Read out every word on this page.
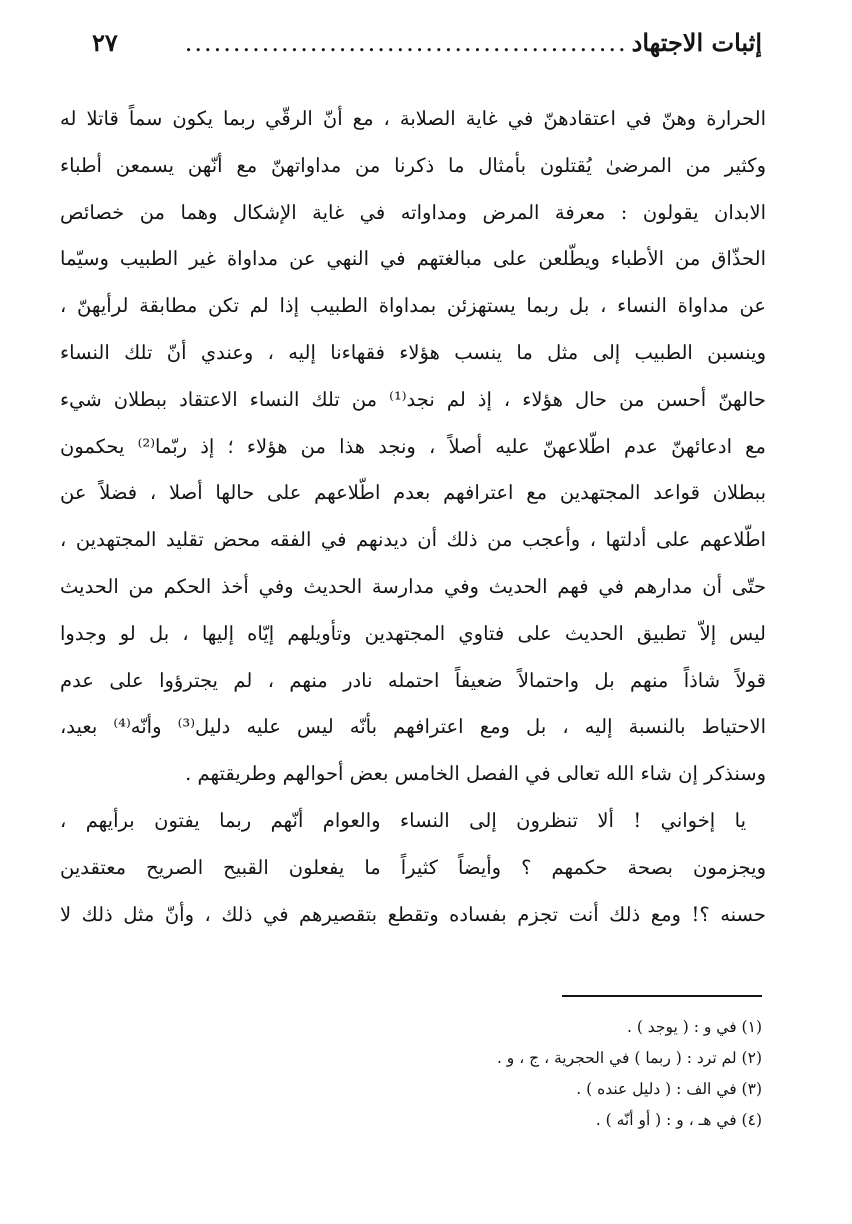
إثبات الاجتهاد
..............................................
٢٧
الحرارة وهنّ في اعتقادهنّ في غاية الصلابة ، مع أنّ الرقّي ربما يكون سماً قاتلا له
وكثير من المرضىٰ يُقتلون بأمثال ما ذكرنا من مداواتهنّ مع أنّهن يسمعن أطباء
الابدان يقولون : معرفة المرض ومداواته في غاية الإشكال وهما من خصائص
الحذّاق من الأطباء ويطّلعن على مبالغتهم في النهي عن مداواة غير الطبيب وسيّما
عن مداواة النساء ، بل ربما يستهزئن بمداواة الطبيب إذا لم تكن مطابقة لرأيهنّ ،
وينسبن الطبيب إلى مثل ما ينسب هؤلاء فقهاءنا إليه ، وعندي أنّ تلك النساء
حالهنّ أحسن من حال هؤلاء ، إذ لم نجد⁽¹⁾ من تلك النساء الاعتقاد ببطلان شيء
مع ادعائهنّ عدم اطّلاعهنّ عليه أصلاً ، ونجد هذا من هؤلاء ؛ إذ ربّما⁽²⁾ يحكمون
ببطلان قواعد المجتهدين مع اعترافهم بعدم اطّلاعهم على حالها أصلا ، فضلاً عن
اطّلاعهم على أدلتها ، وأعجب من ذلك أن ديدنهم في الفقه محض تقليد المجتهدين ،
حتّى أن مدارهم في فهم الحديث وفي مدارسة الحديث وفي أخذ الحكم من الحديث
ليس إلاّ تطبيق الحديث على فتاوي المجتهدين وتأويلهم إيّاه إليها ، بل لو وجدوا
قولاً شاذاً منهم بل واحتمالاً ضعيفاً احتمله نادر منهم ، لم يجترؤوا على عدم
الاحتياط بالنسبة إليه ، بل ومع اعترافهم بأنّه ليس عليه دليل⁽³⁾ وأنّه⁽⁴⁾ بعيد،
وسنذكر إن شاء الله تعالى في الفصل الخامس بعض أحوالهم وطريقتهم .
يا إخواني ! ألا تنظرون إلى النساء والعوام أنّهم ربما يفتون برأيهم ،
ويجزمون بصحة حكمهم ؟ وأيضاً كثيراً ما يفعلون القبيح الصريح معتقدين
حسنه ؟! ومع ذلك أنت تجزم بفساده وتقطع بتقصيرهم في ذلك ، وأنّ مثل ذلك لا
(١) في و : ( يوجد ) .
(٢) لم ترد : ( ربما ) في الحجرية ، ج ، و .
(٣) في الف : ( دليل عنده ) .
(٤) في هـ ، و : ( أو أنّه ) .
